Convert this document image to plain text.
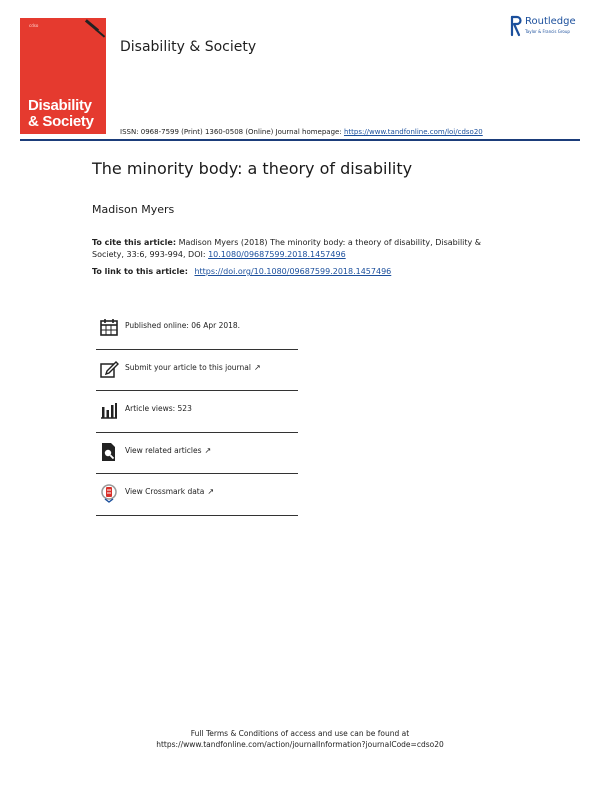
cdso
Disability
& Society
Disability & Society
Routledge
Taylor & Francis Group
ISSN: 0968-7599 (Print) 1360-0508 (Online) Journal homepage: https://www.tandfonline.com/loi/cdso20
The minority body: a theory of disability
Madison Myers
To cite this article: Madison Myers (2018) The minority body: a theory of disability, Disability & Society, 33:6, 993-994, DOI: 10.1080/09687599.2018.1457496
To link to this article: https://doi.org/10.1080/09687599.2018.1457496
Published online: 06 Apr 2018.
Submit your article to this journal ↗
Article views: 523
View related articles ↗
View Crossmark data ↗
Full Terms & Conditions of access and use can be found at
https://www.tandfonline.com/action/journalInformation?journalCode=cdso20
